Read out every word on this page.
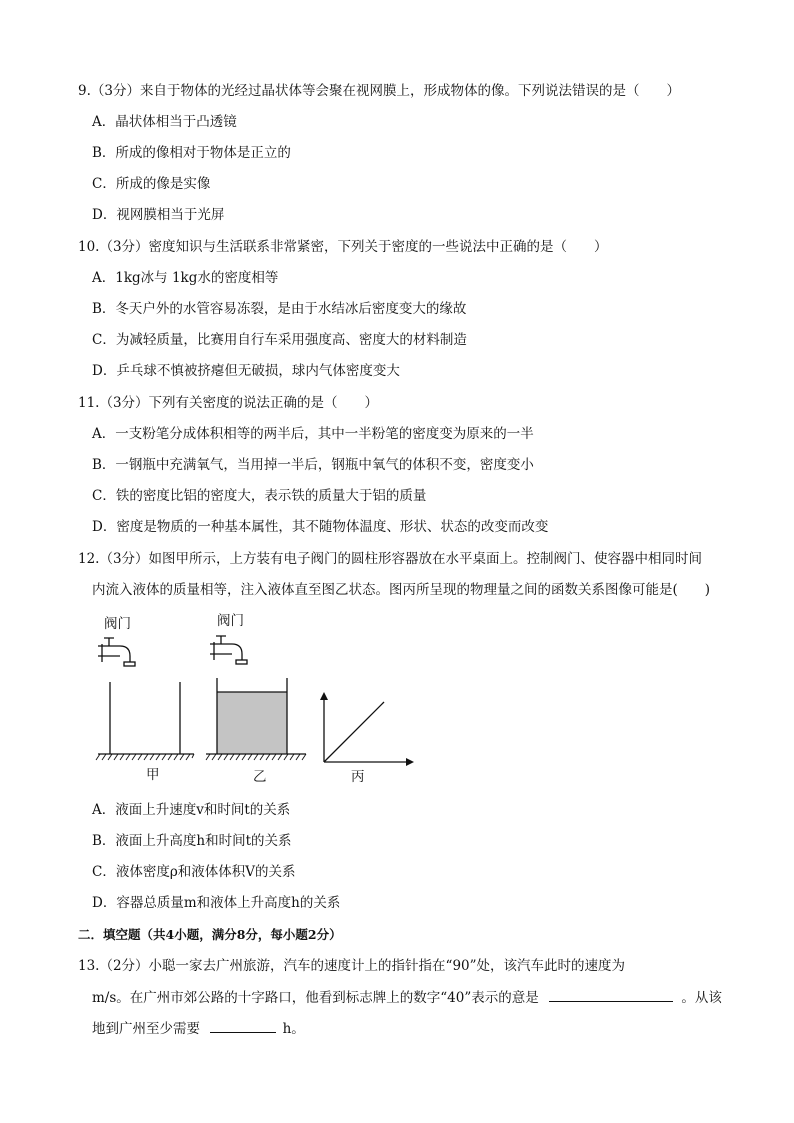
9.（3分）来自于物体的光经过晶状体等会聚在视网膜上，形成物体的像。下列说法错误的是（　　）
A．晶状体相当于凸透镜
B．所成的像相对于物体是正立的
C．所成的像是实像
D．视网膜相当于光屏
10.（3分）密度知识与生活联系非常紧密，下列关于密度的一些说法中正确的是（　　）
A．1kg冰与 1kg水的密度相等
B．冬天户外的水管容易冻裂，是由于水结冰后密度变大的缘故
C．为减轻质量，比赛用自行车采用强度高、密度大的材料制造
D．乒乓球不慎被挤瘪但无破损，球内气体密度变大
11.（3分）下列有关密度的说法正确的是（　　）
A．一支粉笔分成体积相等的两半后，其中一半粉笔的密度变为原来的一半
B．一钢瓶中充满氧气，当用掉一半后，钢瓶中氧气的体积不变，密度变小
C．铁的密度比铝的密度大，表示铁的质量大于铝的质量
D．密度是物质的一种基本属性，其不随物体温度、形状、状态的改变而改变
12.（3分）如图甲所示，上方装有电子阀门的圆柱形容器放在水平桌面上。控制阀门、使容器中相同时间
内流入液体的质量相等，注入液体直至图乙状态。图丙所呈现的物理量之间的函数关系图像可能是(　　)
阀门
甲
阀门
乙	丙
A．液面上升速度v和时间t的关系
B．液面上升高度h和时间t的关系
C．液体密度ρ和液体体积V的关系
D．容器总质量m和液体上升高度h的关系
二．填空题（共4小题，满分8分，每小题2分）
13.（2分）小聪一家去广州旅游，汽车的速度计上的指针指在“90”处，该汽车此时的速度为
m/s。在广州市郊公路的十字路口，他看到标志牌上的数字“40”表示的意是	。从该
地到广州至少需要	h。
